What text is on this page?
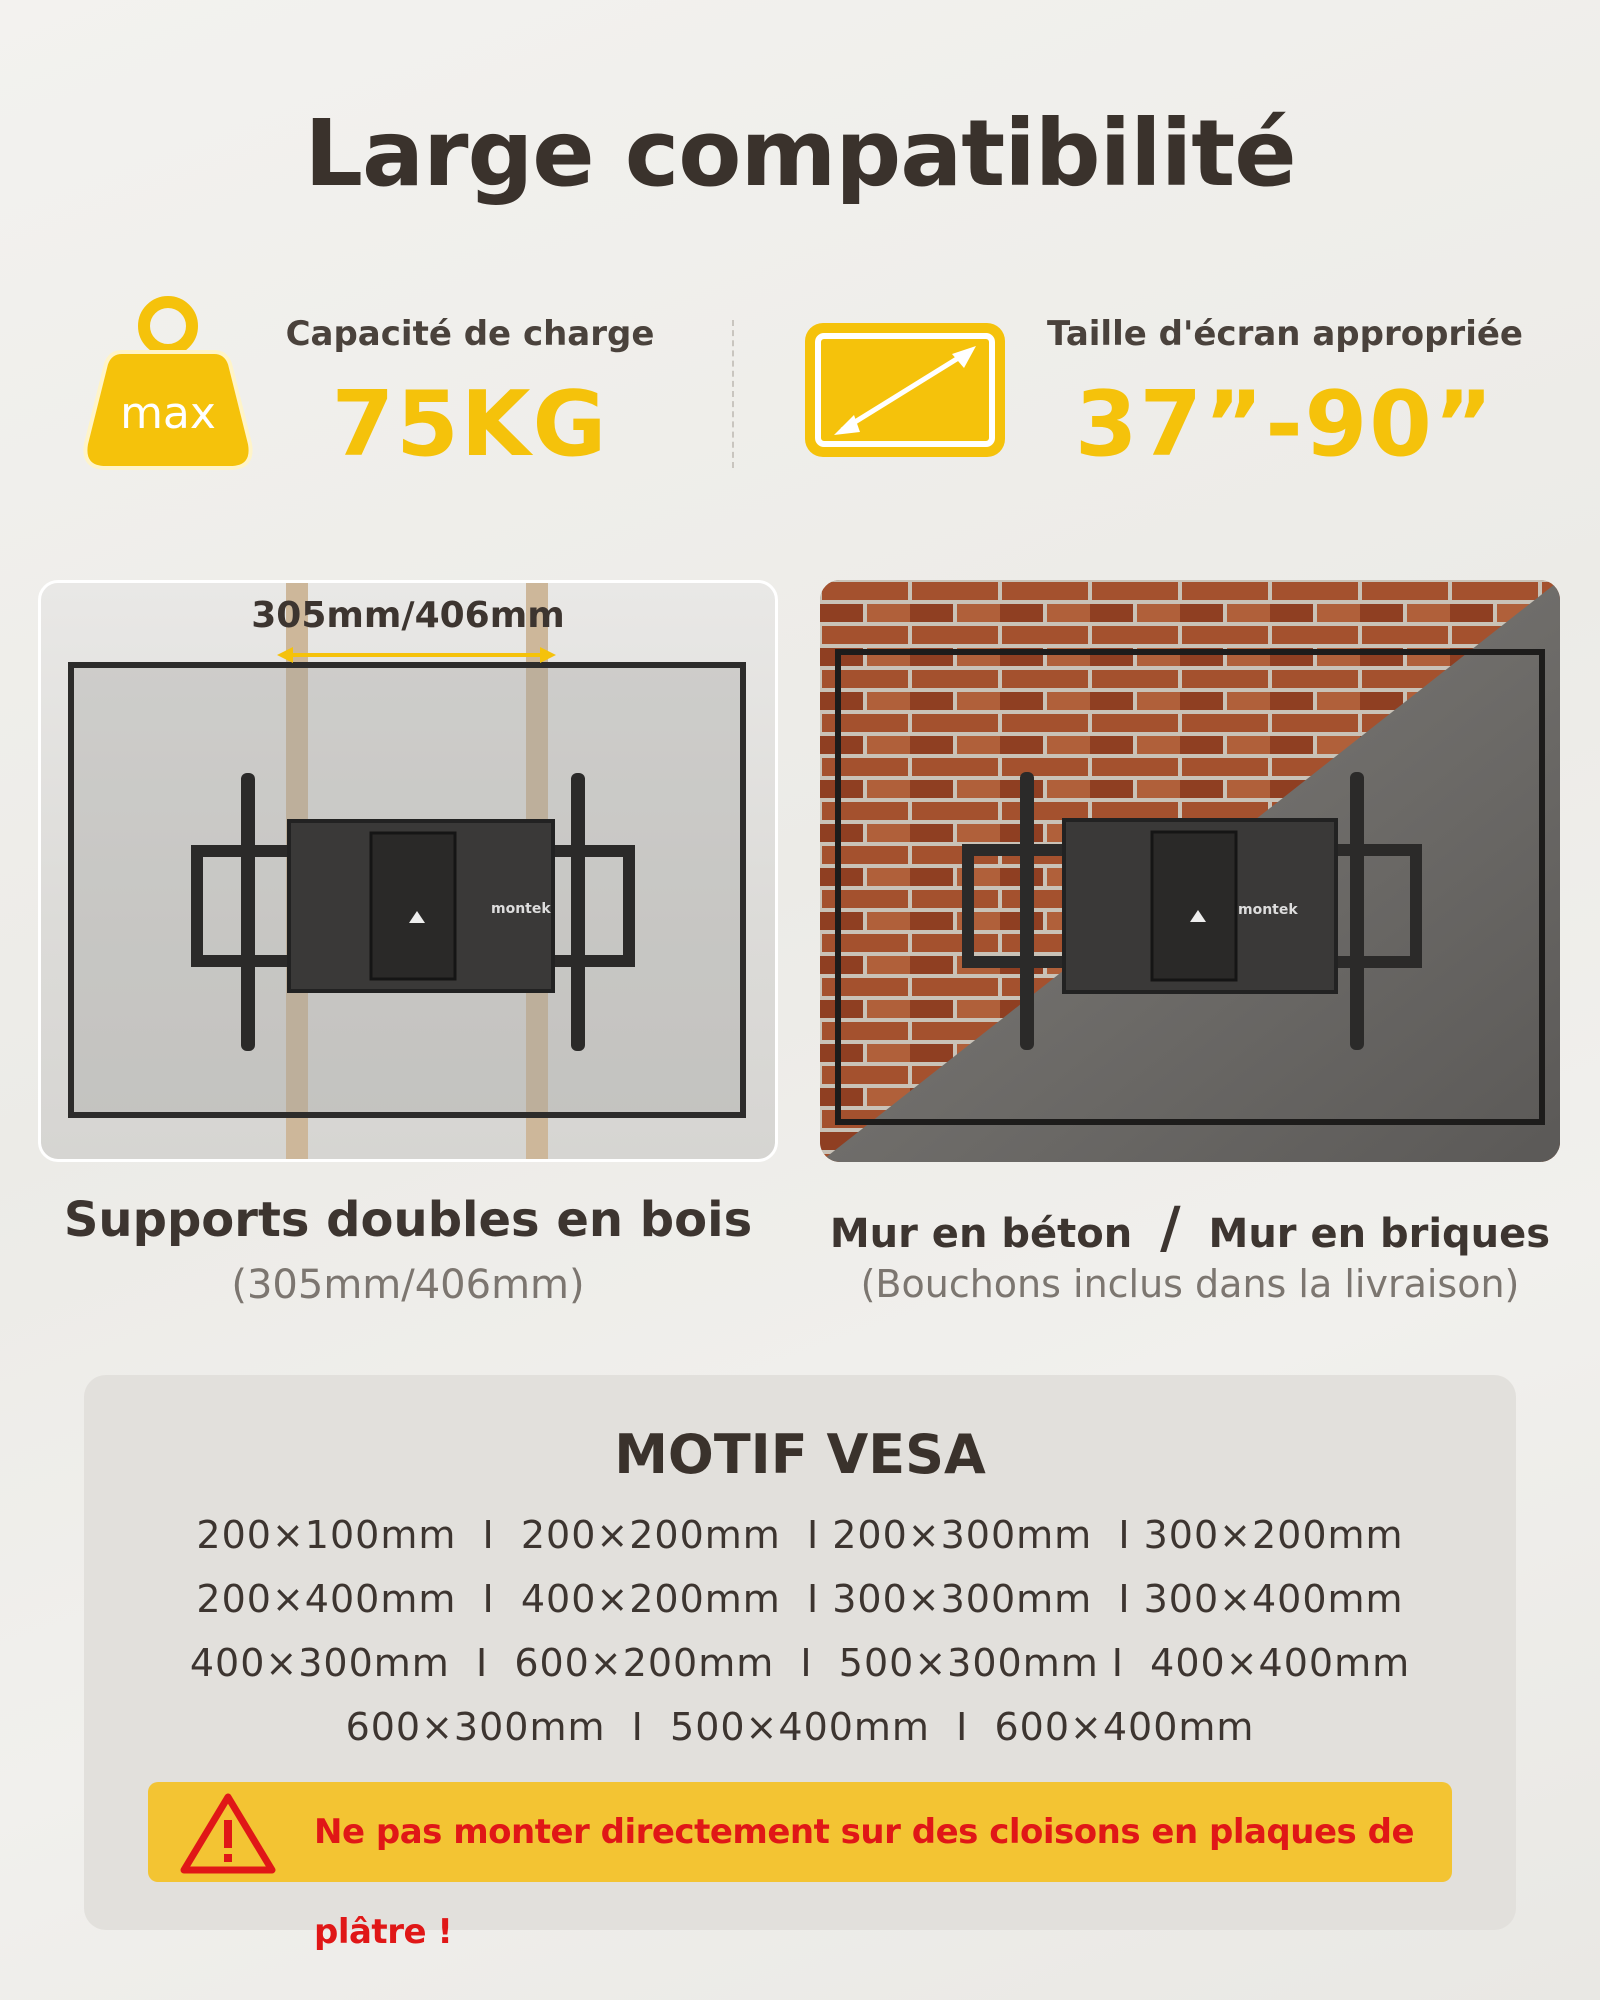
Large compatibilité
max
Capacité de charge
75KG
Taille d'écran appropriée
37”-90”
montek
305mm/406mm
montek
Supports doubles en bois
(305mm/406mm)
Mur en béton / Mur en briques
(Bouchons inclus dans la livraison)
MOTIF VESA
200×100mm  I  200×200mm  I 200×300mm  I 300×200mm
200×400mm  I  400×200mm  I 300×300mm  I 300×400mm
400×300mm  I  600×200mm  I  500×300mm I  400×400mm
600×300mm  I  500×400mm  I  600×400mm
Ne pas monter directement sur des cloisons en plaques de plâtre !
